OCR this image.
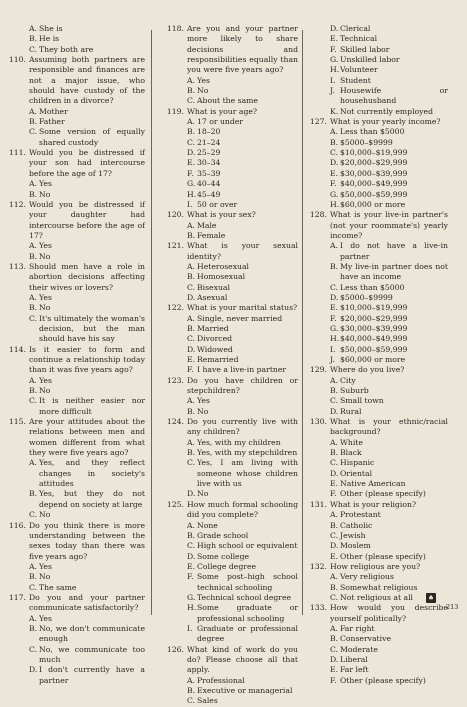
A. She is
B. He is
C. They both are
110. Assuming both partners are responsible and finances are not a major issue, who should have custody of the children in a divorce?
A. Mother
B. Father
C. Some version of equally shared custody
111. Would you be distressed if your son had intercourse before the age of 17?
A. Yes
B. No
112. Would you be distressed if your daughter had intercourse before the age of 17?
A. Yes
B. No
113. Should men have a role in abortion decisions affecting their wives or lovers?
A. Yes
B. No
C. It's ultimately the woman's decision, but the man should have his say
114. Is it easier to form and continue a relationship today than it was five years ago?
A. Yes
B. No
C. It is neither easier nor more difficult
115. Are your attitudes about the relations between men and women different from what they were five years ago?
A. Yes, and they reflect changes in society's attitudes
B. Yes, but they do not depend on society at large
C. No
116. Do you think there is more understanding between the sexes today than there was five years ago?
A. Yes
B. No
C. The same
117. Do you and your partner communicate satisfactorily?
A. Yes
B. No, we don't communicate enough
C. No, we communicate too much
D. I don't currently have a partner
118. Are you and your partner more likely to share decisions and responsibilities equally than you were five years ago?
A. Yes
B. No
C. About the same
119. What is your age?
A. 17 or under
B. 18–20
C. 21–24
D. 25–29
E. 30–34
F. 35–39
G. 40–44
H. 45–49
I. 50 or over
120. What is your sex?
A. Male
B. Female
121. What is your sexual identity?
A. Heterosexual
B. Homosexual
C. Bisexual
D. Asexual
122. What is your marital status?
A. Single, never married
B. Married
C. Divorced
D. Widowed
E. Remarried
F. I have a live-in partner
123. Do you have children or stepchildren?
A. Yes
B. No
124. Do you currently live with any children?
A. Yes, with my children
B. Yes, with my stepchildren
C. Yes, I am living with someone whose children live with us
D. No
125. How much formal schooling did you complete?
A. None
B. Grade school
C. High school or equivalent
D. Some college
E. College degree
F. Some post–high school technical schooling
G. Technical school degree
H. Some graduate or professional schooling
I. Graduate or professional degree
126. What kind of work do you do? Please choose all that apply.
A. Professional
B. Executive or managerial
C. Sales
D. Clerical
E. Technical
F. Skilled labor
G. Unskilled labor
H. Volunteer
I. Student
J. Housewife or househusband
K. Not currently employed
127. What is your yearly income?
A. Less than $5000
B. $5000–$9999
C. $10,000–$19,999
D. $20,000–$29,999
E. $30,000–$39,999
F. $40,000–$49,999
G. $50,000–$59,999
H. $60,000 or more
128. What is your live-in partner's (not your roommate's) yearly income?
A. I do not have a live-in partner
B. My live-in partner does not have an income
C. Less than $5000
D. $5000–$9999
E. $10,000–$19,999
F. $20,000–$29,999
G. $30,000–$39,999
H. $40,000–$49,999
I. $50,000–$59,999
J. $60,000 or more
129. Where do you live?
A. City
B. Suburb
C. Small town
D. Rural
130. What is your ethnic/racial background?
A. White
B. Black
C. Hispanic
D. Oriental
E. Native American
F. Other (please specify)
131. What is your religion?
A. Protestant
B. Catholic
C. Jewish
D. Moslem
E. Other (please specify)
132. How religious are you?
A. Very religious
B. Somewhat religious
C. Not religious at all
133. How would you describe yourself politically?
A. Far right
B. Conservative
C. Moderate
D. Liberal
E. Far left
F. Other (please specify)
♠
213
